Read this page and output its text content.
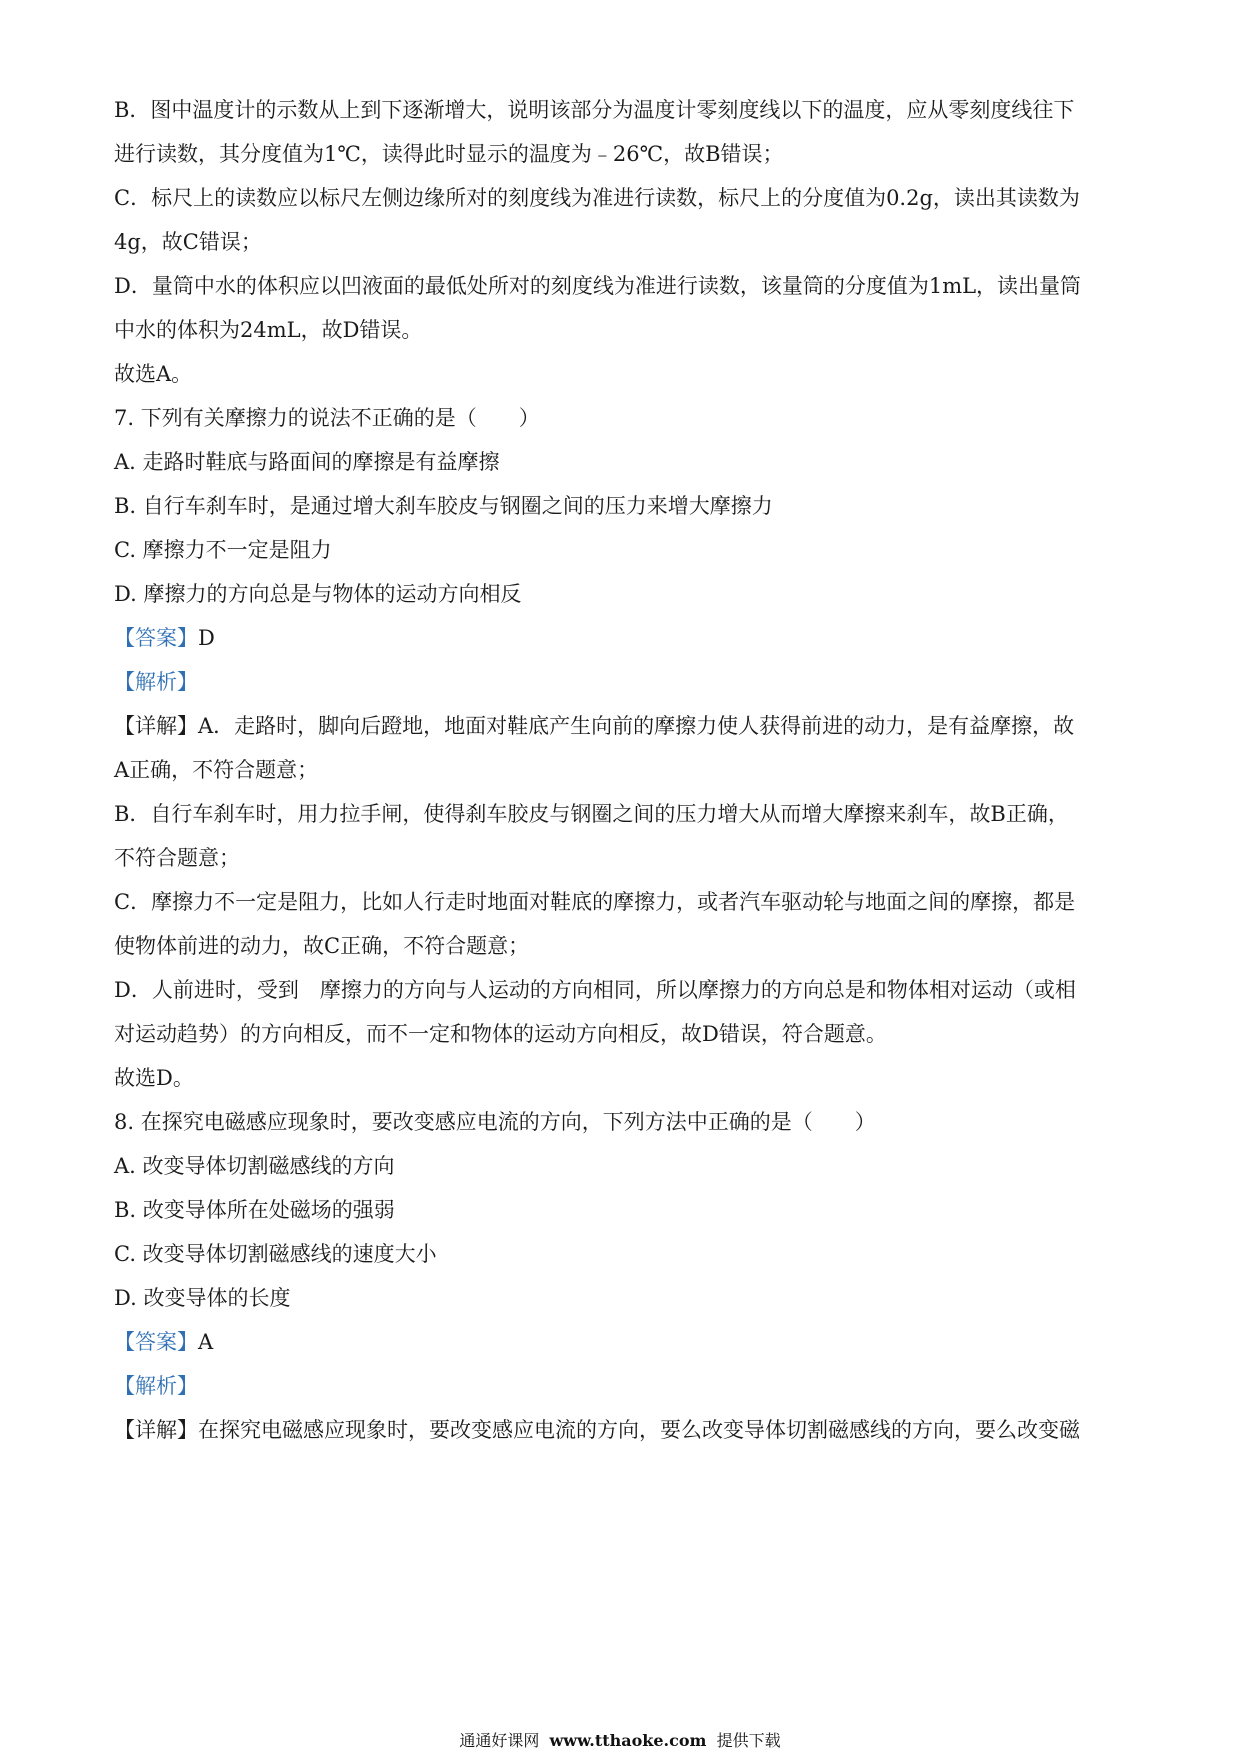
B．图中温度计的示数从上到下逐渐增大，说明该部分为温度计零刻度线以下的温度，应从零刻度线往下
进行读数，其分度值为1℃，读得此时显示的温度为﹣26℃，故B错误；
C．标尺上的读数应以标尺左侧边缘所对的刻度线为准进行读数，标尺上的分度值为0.2g，读出其读数为
4g，故C错误；
D．量筒中水的体积应以凹液面的最低处所对的刻度线为准进行读数，该量筒的分度值为1mL，读出量筒
中水的体积为24mL，故D错误。
故选A。
7. 下列有关摩擦力的说法不正确的是（　　）
A. 走路时鞋底与路面间的摩擦是有益摩擦
B. 自行车刹车时，是通过增大刹车胶皮与钢圈之间的压力来增大摩擦力
C. 摩擦力不一定是阻力
D. 摩擦力的方向总是与物体的运动方向相反
【答案】D
【解析】
【详解】A．走路时，脚向后蹬地，地面对鞋底产生向前的摩擦力使人获得前进的动力，是有益摩擦，故
A正确，不符合题意；
B．自行车刹车时，用力拉手闸，使得刹车胶皮与钢圈之间的压力增大从而增大摩擦来刹车，故B正确，
不符合题意；
C．摩擦力不一定是阻力，比如人行走时地面对鞋底的摩擦力，或者汽车驱动轮与地面之间的摩擦，都是
使物体前进的动力，故C正确，不符合题意；
D．人前进时，受到　摩擦力的方向与人运动的方向相同，所以摩擦力的方向总是和物体相对运动（或相
对运动趋势）的方向相反，而不一定和物体的运动方向相反，故D错误，符合题意。
故选D。
8. 在探究电磁感应现象时，要改变感应电流的方向，下列方法中正确的是（　　）
A. 改变导体切割磁感线的方向
B. 改变导体所在处磁场的强弱
C. 改变导体切割磁感线的速度大小
D. 改变导体的长度
【答案】A
【解析】
【详解】在探究电磁感应现象时，要改变感应电流的方向，要么改变导体切割磁感线的方向，要么改变磁
通通好课网 www.tthaoke.com 提供下载
